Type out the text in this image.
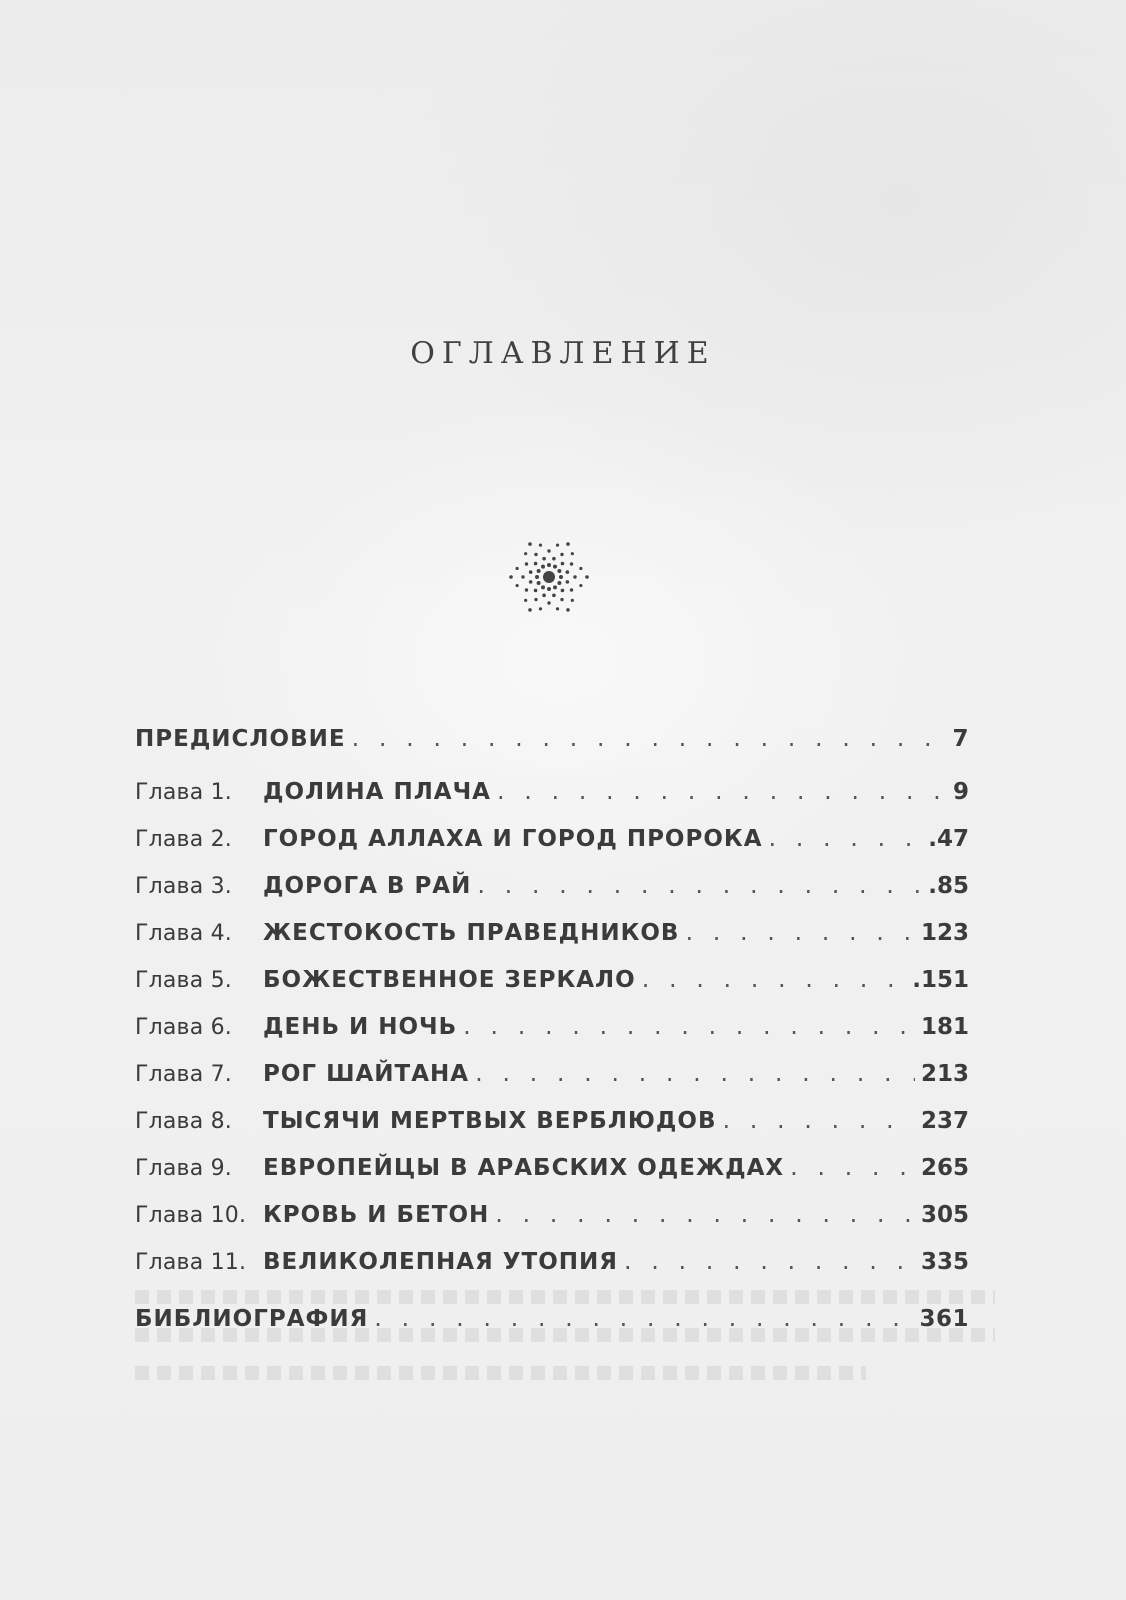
ОГЛАВЛЕНИЕ
ПРЕДИСЛОВИЕ . . .	7
Глава 1.	ДОЛИНА ПЛАЧА . . .	9
Глава 2.	ГОРОД АЛЛАХА И ГОРОД ПРОРОКА . . .	.47
Глава 3.	ДОРОГА В РАЙ . . .	.85
Глава 4.	ЖЕСТОКОСТЬ ПРАВЕДНИКОВ . . .	123
Глава 5.	БОЖЕСТВЕННОЕ ЗЕРКАЛО . . .	.151
Глава 6.	ДЕНЬ И НОЧЬ . . .	181
Глава 7.	РОГ ШАЙТАНА . . .	213
Глава 8.	ТЫСЯЧИ МЕРТВЫХ ВЕРБЛЮДОВ . . .	237
Глава 9.	ЕВРОПЕЙЦЫ В АРАБСКИХ ОДЕЖДАХ . . .	265
Глава 10. КРОВЬ И БЕТОН . . .	305
Глава 11. ВЕЛИКОЛЕПНАЯ УТОПИЯ . . .	335
БИБЛИОГРАФИЯ . . .	361
